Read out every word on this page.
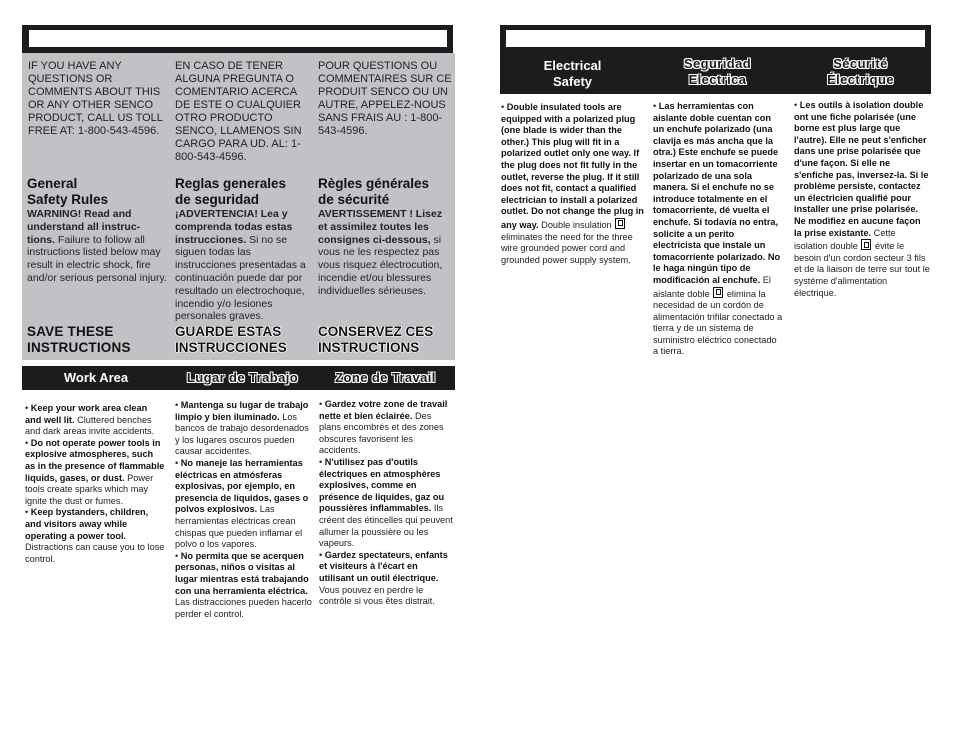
IF YOU HAVE ANY QUESTIONS OR COMMENTS ABOUT THIS OR ANY OTHER SENCO PRODUCT, CALL US TOLL FREE AT: 1-800-543-4596.
EN CASO DE TENER ALGUNA PREGUNTA O COMENTARIO ACERCA DE ESTE O CUALQUIER OTRO PRODUCTO SENCO, LLAMENOS SIN CARGO PARA UD. AL: 1-800-543-4596.
POUR QUESTIONS OU COMMENTAIRES SUR CE PRODUIT SENCO OU UN AUTRE, APPELEZ-NOUS SANS FRAIS AU : 1-800-543-4596.
General
Safety Rules
Reglas generales
de seguridad
Règles générales
de sécurité
WARNING! Read and understand all instruc-tions. Failure to follow all instructions listed below may result in electric shock, fire and/or serious personal injury.
¡ADVERTENCIA! Lea y comprenda todas estas instrucciones. Si no se siguen todas las instrucciones presentadas a continuación puede dar por resultado un electrochoque, incendio y/o lesiones personales graves.
AVERTISSEMENT ! Lisez et assimilez toutes les consignes ci-dessous, si vous ne les respectez pas vous risquez électrocution, incendie et/ou blessures individuelles sérieuses.
SAVE THESE
INSTRUCTIONS
GUARDE ESTAS
INSTRUCCIONES
CONSERVEZ CES
INSTRUCTIONS
Work Area	Lugar de Trabajo	Zone de Travail
• Keep your work area clean and well lit. Cluttered benches and dark areas invite accidents.
• Do not operate power tools in explosive atmospheres, such as in the presence of flammable liquids, gases, or dust. Power tools create sparks which may ignite the dust or fumes.
• Keep bystanders, children, and visitors away while operating a power tool. Distractions can cause you to lose control.
• Mantenga su lugar de trabajo limpio y bien iluminado. Los bancos de trabajo desordenados y los lugares oscuros pueden causar accidentes.
• No maneje las herramientas eléctricas en atmósferas explosivas, por ejemplo, en presencia de líquidos, gases o polvos explosivos. Las herramientas eléctricas crean chispas que pueden inflamar el polvo o los vapores.
• No permita que se acerquen personas, niños o visitas al lugar mientras está trabajando con una herramienta eléctrica. Las distracciones pueden hacerlo perder el control.
• Gardez votre zone de travail nette et bien éclairée. Des plans encombrés et des zones obscures favorisent les accidents.
• N'utilisez pas d'outils électriques en atmosphères explosives, comme en présence de liquides, gaz ou poussières inflammables. Ils créent des étincelles qui peuvent allumer la poussière ou les vapeurs.
• Gardez spectateurs, enfants et visiteurs à l'écart en utilisant un outil électrique. Vous pouvez en perdre le contrôle si vous êtes distrait.
Electrical
Safety
Seguridad
Electrica
Sécurité
Électrique
• Double insulated tools are equipped with a polarized plug (one blade is wider than the other.) This plug will fit in a polarized outlet only one way. If the plug does not fit fully in the outlet, reverse the plug. If it still does not fit, contact a qualified electrician to install a polarized outlet. Do not change the plug in any way. Double insulation  eliminates the need for the three wire grounded power cord and grounded power supply system.
• Las herramientas con aislante doble cuentan con un enchufe polarizado (una clavija es más ancha que la otra.) Este enchufe se puede insertar en un tomacorriente polarizado de una sola manera. Si el enchufe no se introduce totalmente en el tomacorriente, dé vuelta el enchufe. Si todavía no entra, solicite a un perito electricista que instale un tomacorriente polarizado. No le haga ningún tipo de modificación al enchufe. El aislante doble  elimina la necesidad de un cordón de alimentación trifilar conectado a tierra y de un sistema de suministro eléctrico conectado a tierra.
• Les outils à isolation double ont une fiche polarisée (une borne est plus large que l'autre). Elle ne peut s'enficher dans une prise polarisée que d'une façon. Si elle ne s'enfiche pas, inversez-la. Si le problème persiste, contactez un électricien qualifié pour installer une prise polarisée. Ne modifiez en aucune façon la prise existante. Cette isolation double  évite le besoin d'un cordon secteur 3 fils et de la liaison de terre sur tout le système d'alimentation électrique.
